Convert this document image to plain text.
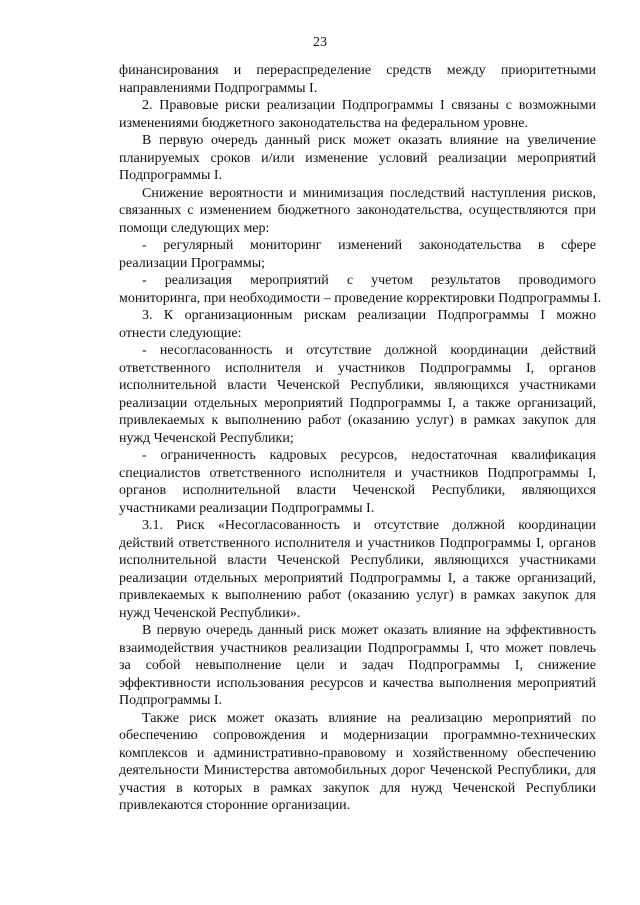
23
финансирования и перераспределение средств между приоритетными
направлениями Подпрограммы I.
2. Правовые риски реализации Подпрограммы I связаны с возможными
изменениями бюджетного законодательства на федеральном уровне.
В первую очередь данный риск может оказать влияние на увеличение
планируемых сроков и/или изменение условий реализации мероприятий
Подпрограммы I.
Снижение вероятности и минимизация последствий наступления рисков,
связанных с изменением бюджетного законодательства, осуществляются при
помощи следующих мер:
- регулярный мониторинг изменений законодательства в сфере
реализации Программы;
- реализация мероприятий с учетом результатов проводимого
мониторинга, при необходимости – проведение корректировки Подпрограммы I.
3. К организационным рискам реализации Подпрограммы I можно
отнести следующие:
- несогласованность и отсутствие должной координации действий
ответственного исполнителя и участников Подпрограммы I, органов
исполнительной власти Чеченской Республики, являющихся участниками
реализации отдельных мероприятий Подпрограммы I, а также организаций,
привлекаемых к выполнению работ (оказанию услуг) в рамках закупок для
нужд Чеченской Республики;
- ограниченность кадровых ресурсов, недостаточная квалификация
специалистов ответственного исполнителя и участников Подпрограммы I,
органов исполнительной власти Чеченской Республики, являющихся
участниками реализации Подпрограммы I.
3.1. Риск «Несогласованность и отсутствие должной координации
действий ответственного исполнителя и участников Подпрограммы I, органов
исполнительной власти Чеченской Республики, являющихся участниками
реализации отдельных мероприятий Подпрограммы I, а также организаций,
привлекаемых к выполнению работ (оказанию услуг) в рамках закупок для
нужд Чеченской Республики».
В первую очередь данный риск может оказать влияние на эффективность
взаимодействия участников реализации Подпрограммы I, что может повлечь
за собой невыполнение цели и задач Подпрограммы I, снижение
эффективности использования ресурсов и качества выполнения мероприятий
Подпрограммы I.
Также риск может оказать влияние на реализацию мероприятий по
обеспечению сопровождения и модернизации программно-технических
комплексов и административно-правовому и хозяйственному обеспечению
деятельности Министерства автомобильных дорог Чеченской Республики, для
участия в которых в рамках закупок для нужд Чеченской Республики
привлекаются сторонние организации.
